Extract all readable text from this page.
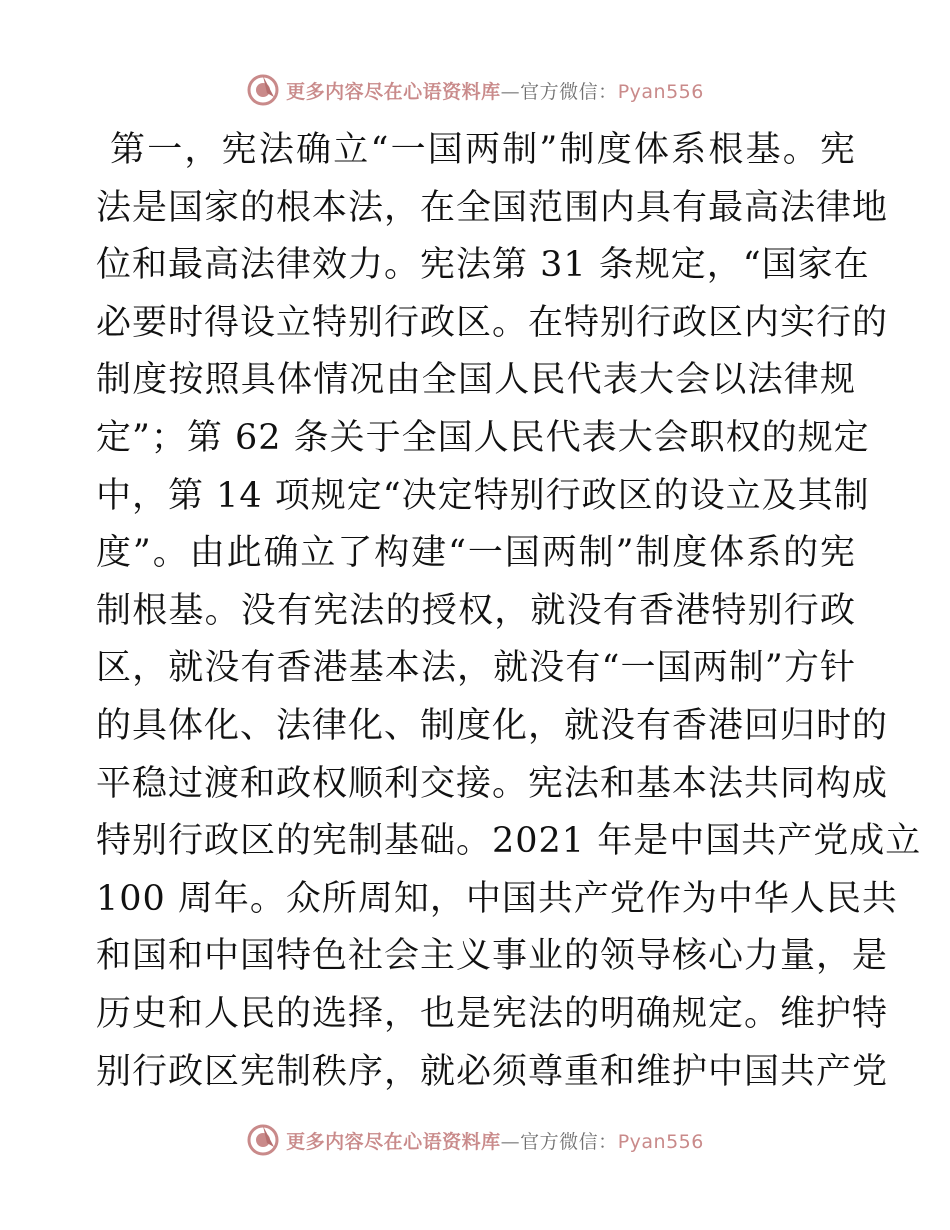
更多内容尽在心语资料库—官方微信：Pyan556
第一，宪法确立“一国两制”制度体系根基。宪
法是国家的根本法，在全国范围内具有最高法律地
位和最高法律效力。宪法第 31 条规定，“国家在
必要时得设立特别行政区。在特别行政区内实行的
制度按照具体情况由全国人民代表大会以法律规
定”；第 62 条关于全国人民代表大会职权的规定
中，第 14 项规定“决定特别行政区的设立及其制
度”。由此确立了构建“一国两制”制度体系的宪
制根基。没有宪法的授权，就没有香港特别行政
区，就没有香港基本法，就没有“一国两制”方针
的具体化、法律化、制度化，就没有香港回归时的
平稳过渡和政权顺利交接。宪法和基本法共同构成
特别行政区的宪制基础。2021 年是中国共产党成立
100 周年。众所周知，中国共产党作为中华人民共
和国和中国特色社会主义事业的领导核心力量，是
历史和人民的选择，也是宪法的明确规定。维护特
别行政区宪制秩序，就必须尊重和维护中国共产党
更多内容尽在心语资料库—官方微信：Pyan556
